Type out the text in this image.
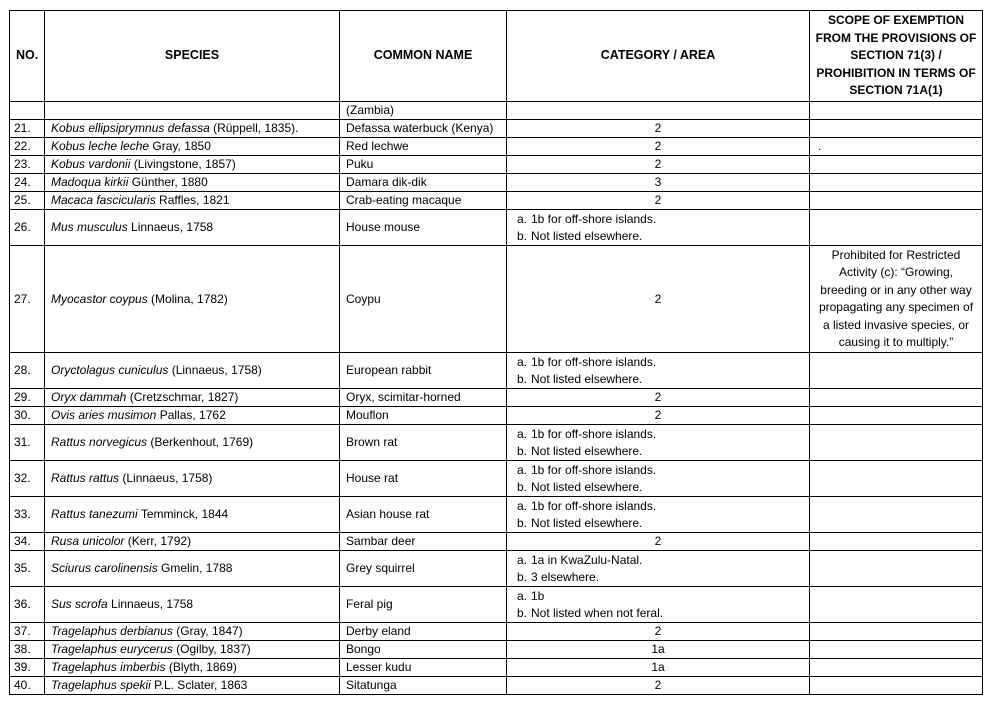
NO.	SPECIES	COMMON NAME	CATEGORY / AREA	SCOPE OF EXEMPTION FROM THE PROVISIONS OF SECTION 71(3) / PROHIBITION IN TERMS OF SECTION 71A(1)
		(Zambia)		
21.	Kobus ellipsiprymnus defassa (Rüppell, 1835).	Defassa waterbuck (Kenya)	2	
22.	Kobus leche leche Gray, 1850	Red lechwe	2	.
23.	Kobus vardonii (Livingstone, 1857)	Puku	2	
24.	Madoqua kirkii Günther, 1880	Damara dik-dik	3	
25.	Macaca fascicularis Raffles, 1821	Crab-eating macaque	2	
26.	Mus musculus Linnaeus, 1758	House mouse	a. 1b for off-shore islands.
b. Not listed elsewhere.	

27.	Myocastor coypus (Molina, 1782)	Coypu	2	Prohibited for Restricted Activity (c): “Growing, breeding or in any other way propagating any specimen of a listed invasive species, or causing it to multiply.”
28.	Oryctolagus cuniculus (Linnaeus, 1758)	European rabbit	a. 1b for off-shore islands.
b. Not listed elsewhere.	

29.	Oryx dammah (Cretzschmar, 1827)	Oryx, scimitar-horned	2	
30.	Ovis aries musimon Pallas, 1762	Mouflon	2	
31.	Rattus norvegicus (Berkenhout, 1769)	Brown rat	a. 1b for off-shore islands.
b. Not listed elsewhere.	

32.	Rattus rattus (Linnaeus, 1758)	House rat	a. 1b for off-shore islands.
b. Not listed elsewhere.	

33.	Rattus tanezumi Temminck, 1844	Asian house rat	a. 1b for off-shore islands.
b. Not listed elsewhere.	

34.	Rusa unicolor (Kerr, 1792)	Sambar deer	2	
35.	Sciurus carolinensis Gmelin, 1788	Grey squirrel	a. 1a in KwaZulu-Natal.
b. 3 elsewhere.	

36.	Sus scrofa Linnaeus, 1758	Feral pig	a. 1b
b. Not listed when not feral.	

37.	Tragelaphus derbianus (Gray, 1847)	Derby eland	2	
38.	Tragelaphus eurycerus (Ogilby, 1837)	Bongo	1a	
39.	Tragelaphus imberbis (Blyth, 1869)	Lesser kudu	1a	
40.	Tragelaphus spekii P.L. Sclater, 1863	Sitatunga	2	
